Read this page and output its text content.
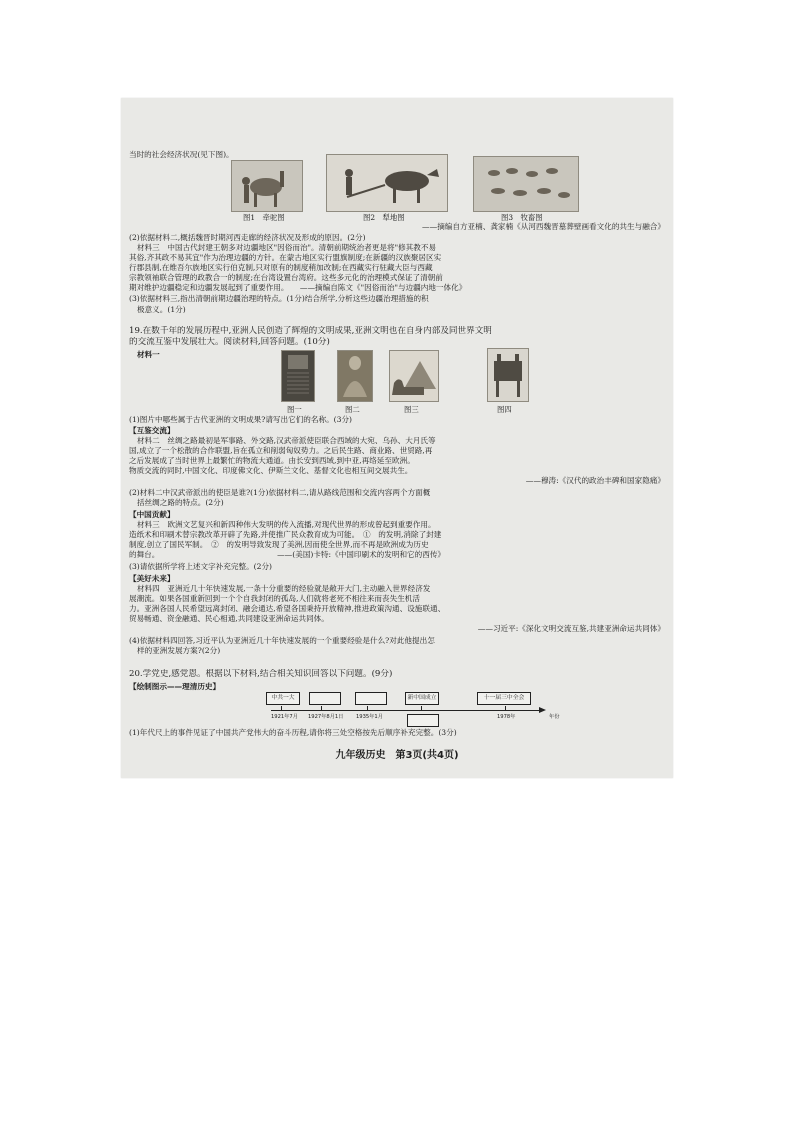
当时的社会经济状况(见下图)。
图1　牵驼图	图2　犁地图	图3　牧畜图
——摘编自方亚楠、龚家楠《从河西魏晋墓葬壁画看文化的共生与融合》
(2)依据材料二,概括魏晋时期河西走廊的经济状况及形成的原因。(2分)
材料三　中国古代封建王朝多对边疆地区"因俗而治"。清朝前期统治者更是将"修其教不易
其俗,齐其政不易其宜"作为治理边疆的方针。在蒙古地区实行盟旗制度;在新疆的汉族聚居区实
行郡县制,在维吾尔族地区实行伯克制,只对原有的制度稍加改制;在西藏实行驻藏大臣与西藏
宗教领袖联合管理的政教合一的制度;在台湾设置台湾府。这些多元化的治理模式保证了清朝前
期对维护边疆稳定和边疆发展起到了重要作用。　　——摘编自陈文《"因俗而治"与边疆内地一体化》
(3)依据材料三,指出清朝前期边疆治理的特点。(1分)结合所学,分析这些边疆治理措施的积
极意义。(1分)
19.在数千年的发展历程中,亚洲人民创造了辉煌的文明成果,亚洲文明也在自身内部及同世界文明
的交流互鉴中发展壮大。阅读材料,回答问题。(10分)
材料一
图一	图二	图三	图四
(1)图片中哪些属于古代亚洲的文明成果?请写出它们的名称。(3分)
【互鉴交流】
材料二　丝绸之路最初是军事路、外交路,汉武帝派使臣联合西域的大宛、乌孙、大月氏等
国,成立了一个松散的合作联盟,旨在孤立和削弱匈奴势力。之后民生路、商业路、世贸路,再
之后发展成了当时世界上最繁忙的物流大通道。由长安到西域,到中亚,再络延至欧洲。
物质交流的同时,中国文化、印度佛文化、伊斯兰文化、基督文化也相互间交展共生。
——穆涛:《汉代的政治丰碑和国家隐痛》
(2)材料二中汉武帝派出的使臣是谁?(1分)依据材料二,请从路线范围和交流内容两个方面概
括丝绸之路的特点。(2分)
【中国贡献】
材料三　欧洲文艺复兴和新四种伟大发明的传入流播,对现代世界的形成曾起到重要作用。
造纸术和印刷术替宗教改革开辟了先路,并使推广民众教育成为可能。　①　的发明,消除了封建
制度,创立了国民军制。　②　的发明导致发现了美洲,因而使全世界,而不再是欧洲成为历史
的舞台。　　　　　　　　　　　　　　　　——(美国)卡特:《中国印刷术的发明和它的西传》
(3)请依据所学将上述文字补充完整。(2分)
【美好未来】
材料四　亚洲近几十年快速发展,一条十分重要的经验就是敞开大门,主动融入世界经济发
展潮流。如果各国重新回到一个个自我封闭的孤岛,人们就将老死不相往来而丧失生机活
力。亚洲各国人民希望远离封闭、融会通达,希望各国秉持开放精神,推进政策沟通、设施联通、
贸易畅通、资金融通、民心相通,共同建设亚洲命运共同体。
——习近平:《深化文明交流互鉴,共建亚洲命运共同体》
(4)依据材料四回答,习近平认为亚洲近几十年快速发展的一个重要经验是什么?对此他提出怎
样的亚洲发展方案?(2分)
20.学党史,感党恩。根据以下材料,结合相关知识回答以下问题。(9分)
【绘制图示——理清历史】
中共一大	新中国成立	十一届三中全会
1921年7月 1927年8月1日 1935年1月	1978年	年份
(1)年代尺上的事件见证了中国共产党伟大的奋斗历程,请你将三处空格按先后顺序补充完整。(3分)
九年级历史　第3页(共4页)
